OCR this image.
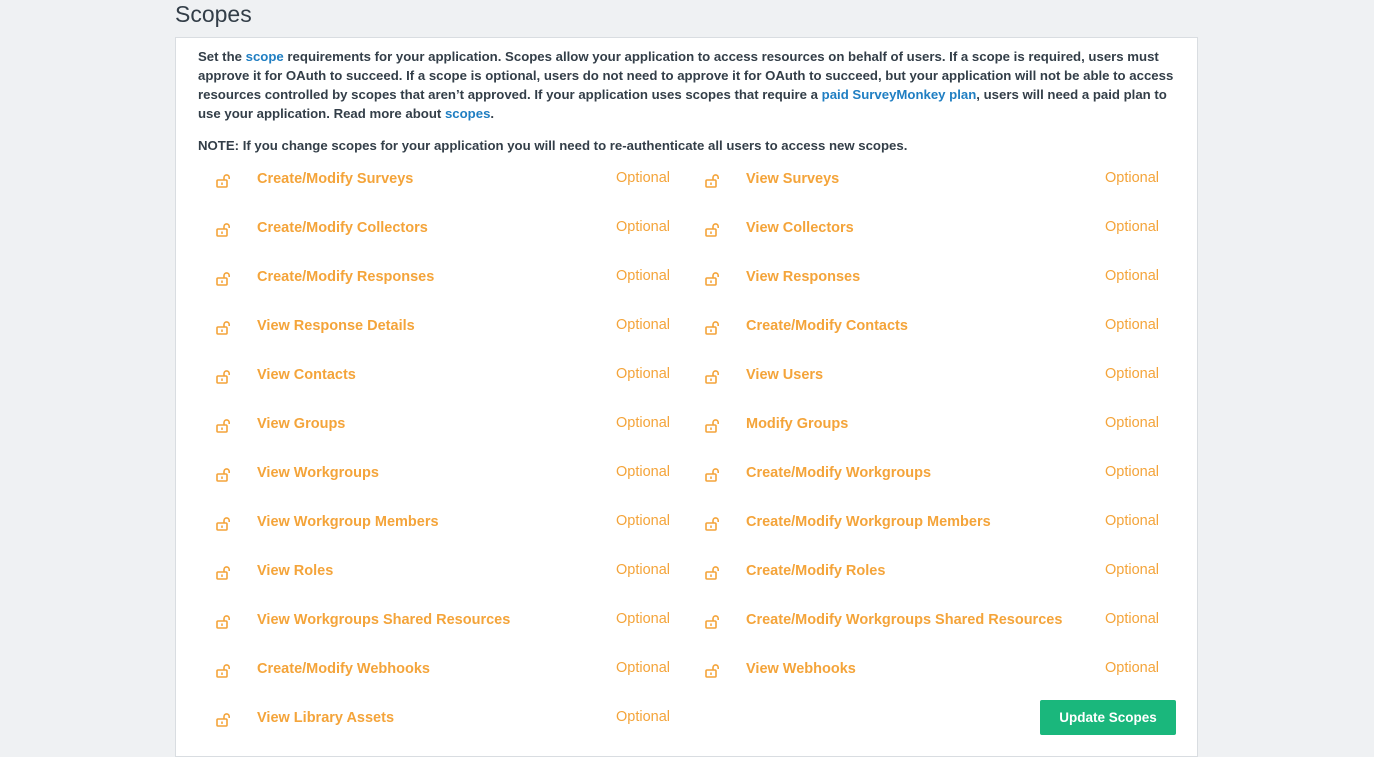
Scopes

Set the scope requirements for your application. Scopes allow your application to access resources on behalf of users. If a scope is required, users must approve it for OAuth to succeed. If a scope is optional, users do not need to approve it for OAuth to succeed, but your application will not be able to access resources controlled by scopes that aren’t approved. If your application uses scopes that require a paid SurveyMonkey plan, users will need a paid plan to use your application. Read more about scopes.

NOTE: If you change scopes for your application you will need to re-authenticate all users to access new scopes.

Create/Modify Surveys	Optional
Create/Modify Collectors	Optional
Create/Modify Responses	Optional
View Response Details	Optional
View Contacts	Optional
View Groups	Optional
View Workgroups	Optional
View Workgroup Members	Optional
View Roles	Optional
View Workgroups Shared Resources	Optional
Create/Modify Webhooks	Optional
View Library Assets	Optional
View Surveys	Optional
View Collectors	Optional
View Responses	Optional
Create/Modify Contacts	Optional
View Users	Optional
Modify Groups	Optional
Create/Modify Workgroups	Optional
Create/Modify Workgroup Members	Optional
Create/Modify Roles	Optional
Create/Modify Workgroups Shared Resources	Optional
View Webhooks	Optional
Update Scopes
